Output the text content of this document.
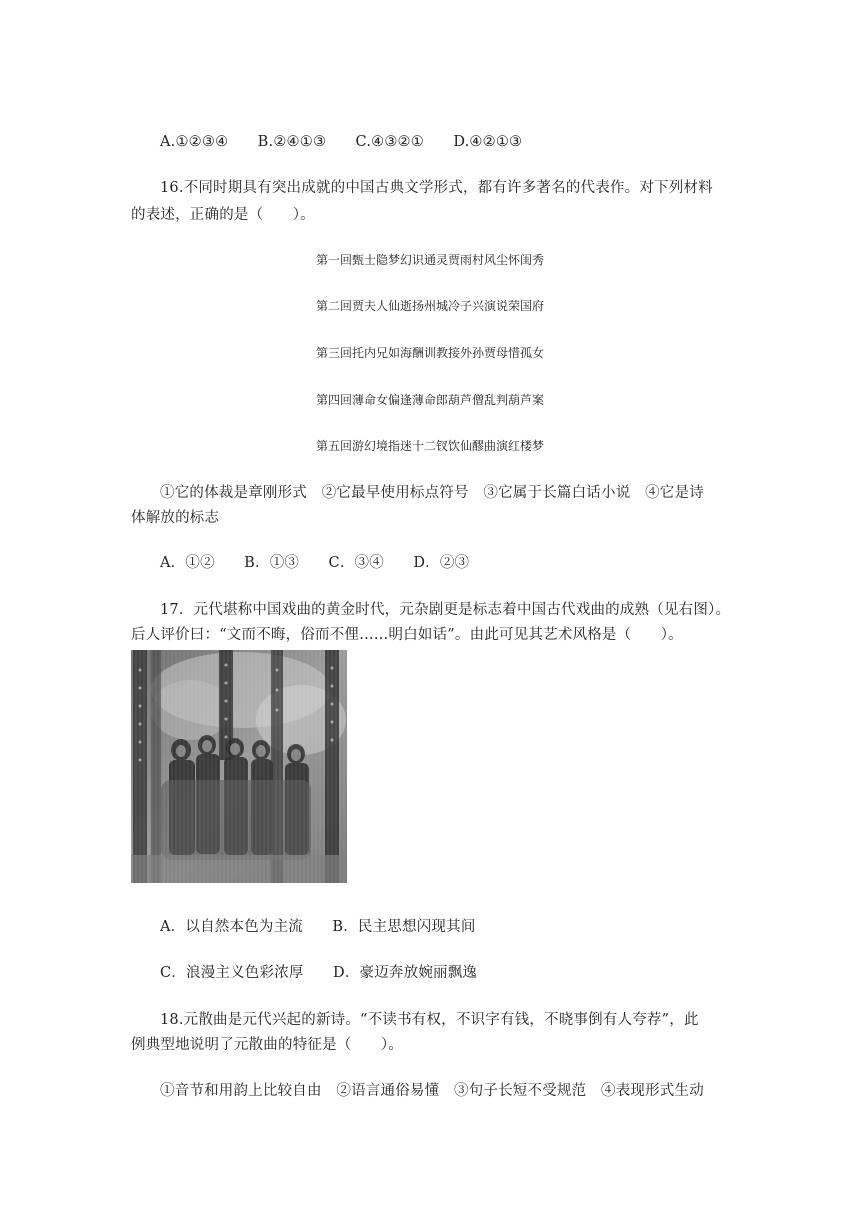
A.①②③④　　B.②④①③　　C.④③②①　　D.④②①③
16.不同时期具有突出成就的中国古典文学形式，都有许多著名的代表作。对下列材料
的表述，正确的是（　　）。
第一回甄士隐梦幻识通灵贾雨村风尘怀闺秀
第二回贾夫人仙逝扬州城冷子兴演说荣国府
第三回托内兄如海酬训教接外孙贾母惜孤女
第四回薄命女偏逢薄命郎葫芦僧乱判葫芦案
第五回游幻境指迷十二钗饮仙醪曲演红楼梦
①它的体裁是章刚形式　②它最早使用标点符号　③它属于长篇白话小说　④它是诗
体解放的标志
A．①②　　B．①③　　C．③④　　D．②③
17．元代堪称中国戏曲的黄金时代，元杂剧更是标志着中国古代戏曲的成熟（见右图）。
后人评价曰：“文而不晦，俗而不俚……明白如话”。由此可见其艺术风格是（　　）。
A．以自然本色为主流　　B．民主思想闪现其间
C．浪漫主义色彩浓厚　　D．豪迈奔放婉丽飘逸
18.元散曲是元代兴起的新诗。“不读书有权，不识字有钱，不晓事倒有人夸荐”，此
例典型地说明了元散曲的特征是（　　）。
①音节和用韵上比较自由　②语言通俗易懂　③句子长短不受规范　④表现形式生动
